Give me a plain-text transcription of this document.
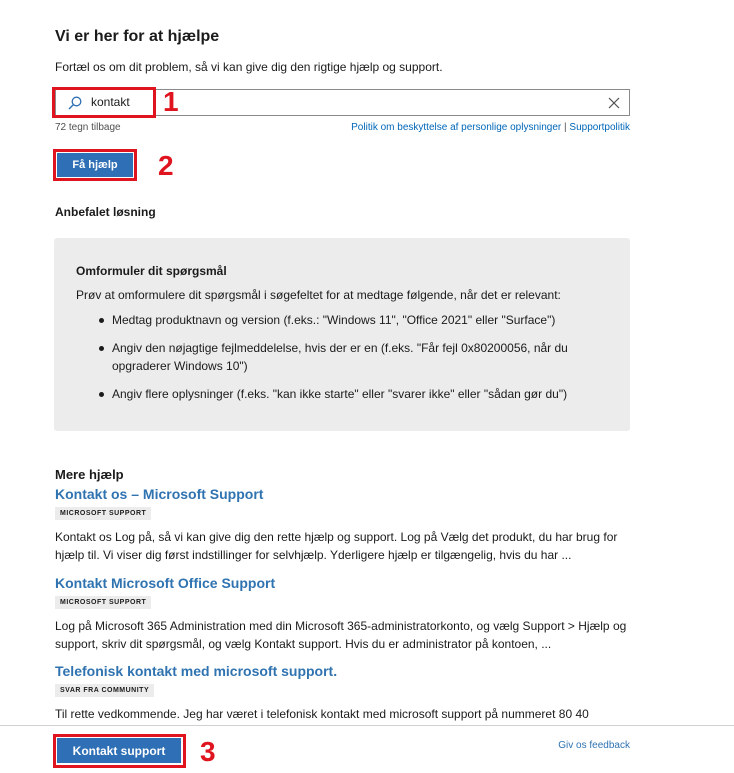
Vi er her for at hjælpe
Fortæl os om dit problem, så vi kan give dig den rigtige hjælp og support.
kontakt 1
72 tegn tilbage	Politik om beskyttelse af personlige oplysninger | Supportpolitik
Få hjælp	2
Anbefalet løsning
Omformuler dit spørgsmål
Prøv at omformulere dit spørgsmål i søgefeltet for at medtage følgende, når det er relevant:
Medtag produktnavn og version (f.eks.: "Windows 11", "Office 2021" eller "Surface")
Angiv den nøjagtige fejlmeddelelse, hvis der er en (f.eks. "Får fejl 0x80200056, når du opgraderer Windows 10")
Angiv flere oplysninger (f.eks. "kan ikke starte" eller "svarer ikke" eller "sådan gør du")
Mere hjælp
Kontakt os – Microsoft Support
MICROSOFT SUPPORT
Kontakt os Log på, så vi kan give dig den rette hjælp og support. Log på Vælg det produkt, du har brug for hjælp til. Vi viser dig først indstillinger for selvhjælp. Yderligere hjælp er tilgængelig, hvis du har ...
Kontakt Microsoft Office Support
MICROSOFT SUPPORT
Log på Microsoft 365 Administration med din Microsoft 365-administratorkonto, og vælg Support > Hjælp og support, skriv dit spørgsmål, og vælg Kontakt support. Hvis du er administrator på kontoen, ...
Telefonisk kontakt med microsoft support.
SVAR FRA COMMUNITY
Til rette vedkommende. Jeg har været i telefonisk kontakt med microsoft support på nummeret 80 40
Kontakt support	3	Giv os feedback
